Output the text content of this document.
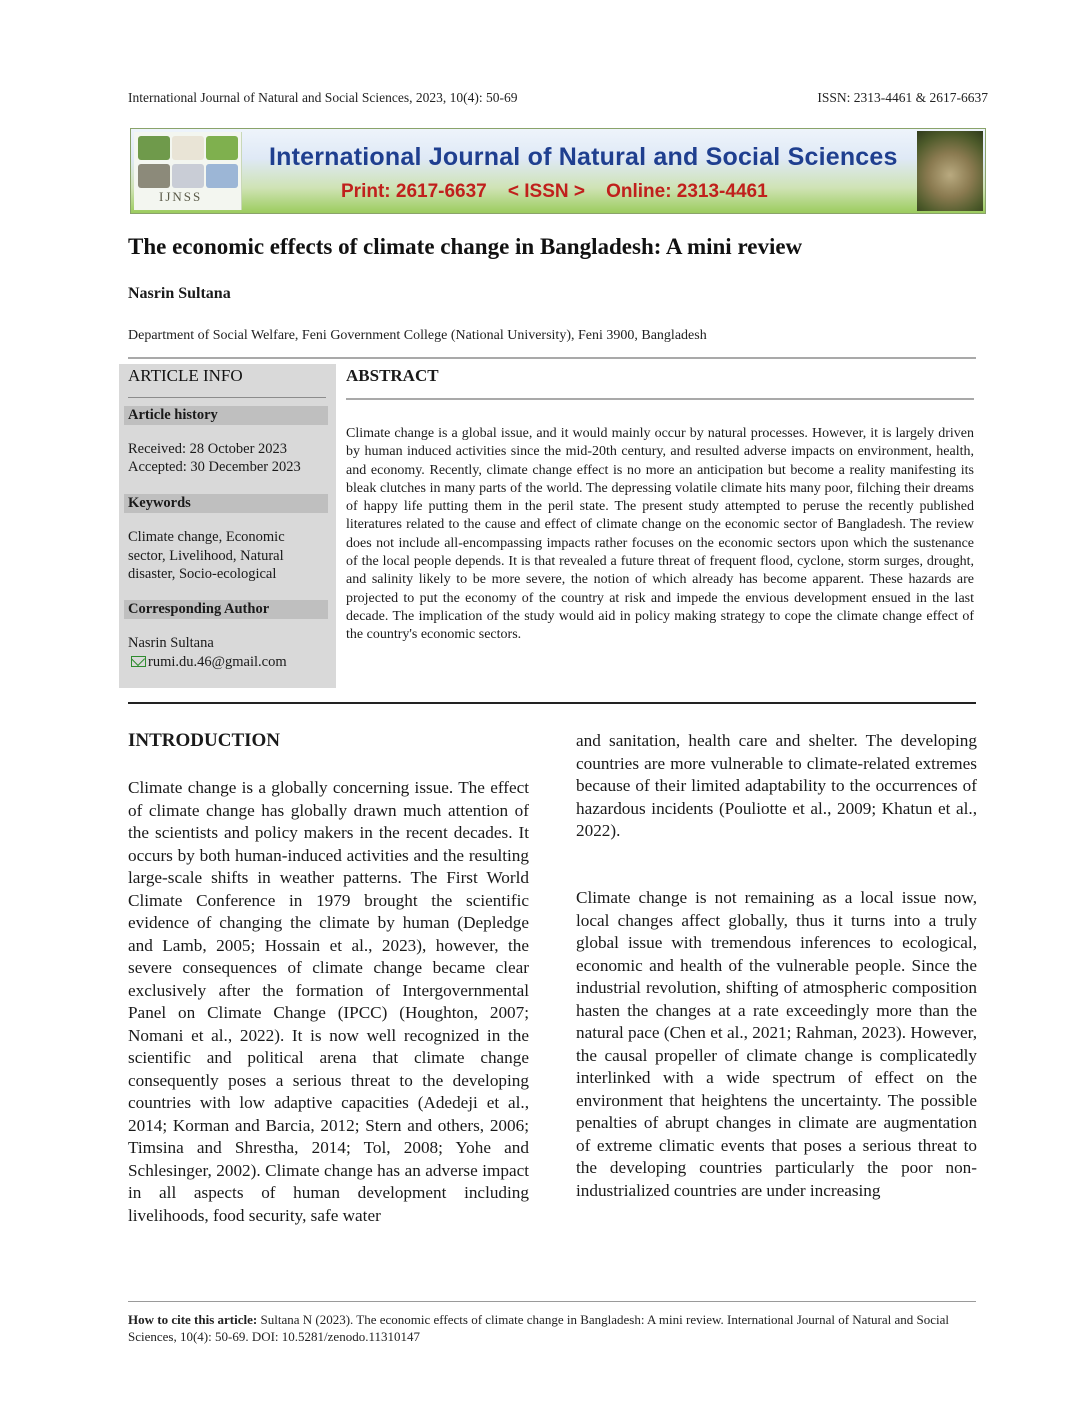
International Journal of Natural and Social Sciences, 2023, 10(4): 50-69	ISSN: 2313-4461 & 2617-6637
IJNSS
International Journal of Natural and Social Sciences
Print: 2617-6637    < ISSN >    Online: 2313-4461
The economic effects of climate change in Bangladesh: A mini review
Nasrin Sultana
Department of Social Welfare, Feni Government College (National University), Feni 3900, Bangladesh
ARTICLE INFO
Article history
Received: 28 October 2023
Accepted: 30 December 2023
Keywords
Climate change, Economic sector, Livelihood, Natural disaster, Socio-ecological
Corresponding Author
Nasrin Sultana
rumi.du.46@gmail.com
ABSTRACT
Climate change is a global issue, and it would mainly occur by natural processes. However, it is largely driven by human induced activities since the mid-20th century, and resulted adverse impacts on environment, health, and economy. Recently, climate change effect is no more an anticipation but become a reality manifesting its bleak clutches in many parts of the world. The depressing volatile climate hits many poor, filching their dreams of happy life putting them in the peril state. The present study attempted to peruse the recently published literatures related to the cause and effect of climate change on the economic sector of Bangladesh. The review does not include all-encompassing impacts rather focuses on the economic sectors upon which the sustenance of the local people depends. It is that revealed a future threat of frequent flood, cyclone, storm surges, drought, and salinity likely to be more severe, the notion of which already has become apparent. These hazards are projected to put the economy of the country at risk and impede the envious development ensued in the last decade. The implication of the study would aid in policy making strategy to cope the climate change effect of the country's economic sectors.
INTRODUCTION
Climate change is a globally concerning issue. The effect of climate change has globally drawn much attention of the scientists and policy makers in the recent decades. It occurs by both human-induced activities and the resulting large-scale shifts in weather patterns. The First World Climate Conference in 1979 brought the scientific evidence of changing the climate by human (Depledge and Lamb, 2005; Hossain et al., 2023), however, the severe consequences of climate change became clear exclusively after the formation of Intergovernmental Panel on Climate Change (IPCC) (Houghton, 2007; Nomani et al., 2022). It is now well recognized in the scientific and political arena that climate change consequently poses a serious threat to the developing countries with low adaptive capacities (Adedeji et al., 2014; Korman and Barcia, 2012; Stern and others, 2006; Timsina and Shrestha, 2014; Tol, 2008; Yohe and Schlesinger, 2002). Climate change has an adverse impact in all aspects of human development including livelihoods, food security, safe water
and sanitation, health care and shelter. The developing countries are more vulnerable to climate-related extremes because of their limited adaptability to the occurrences of hazardous incidents (Pouliotte et al., 2009; Khatun et al., 2022).
Climate change is not remaining as a local issue now, local changes affect globally, thus it turns into a truly global issue with tremendous inferences to ecological, economic and health of the vulnerable people. Since the industrial revolution, shifting of atmospheric composition hasten the changes at a rate exceedingly more than the natural pace (Chen et al., 2021; Rahman, 2023). However, the causal propeller of climate change is complicatedly interlinked with a wide spectrum of effect on the environment that heightens the uncertainty. The possible penalties of abrupt changes in climate are augmentation of extreme climatic events that poses a serious threat to the developing countries particularly the poor non-industrialized countries are under increasing
How to cite this article: Sultana N (2023). The economic effects of climate change in Bangladesh: A mini review. International Journal of Natural and Social Sciences, 10(4): 50-69. DOI: 10.5281/zenodo.11310147
